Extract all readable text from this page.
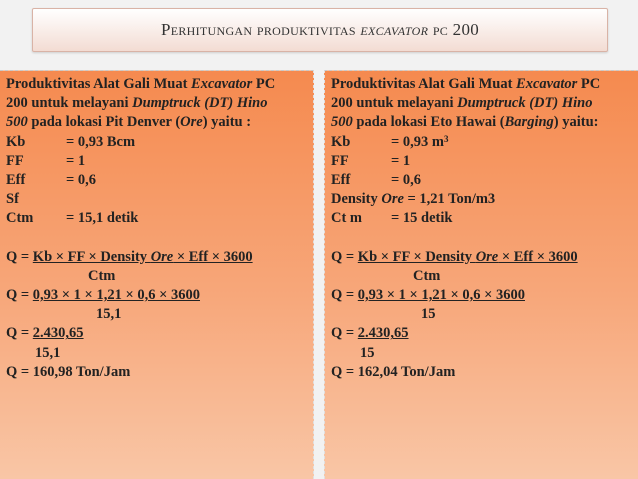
Perhitungan produktivitas excavator pc 200
Produktivitas Alat Gali Muat Excavator PC
200 untuk melayani Dumptruck (DT) Hino
500 pada lokasi Pit Denver (Ore) yaitu :
Kb	= 0,93 Bcm
FF	= 1
Eff	= 0,6
Sf
Ctm = 15,1 detik
Q = Kb × FF × Density Ore × Eff × 3600
Ctm
Q = 0,93 × 1 × 1,21 × 0,6 × 3600
15,1
Q = 2.430,65
15,1
Q = 160,98 Ton/Jam
Produktivitas Alat Gali Muat Excavator PC
200 untuk melayani Dumptruck (DT) Hino
500 pada lokasi Eto Hawai (Barging) yaitu:
Kb	= 0,93 $m^3$
FF	= 1
Eff	= 0,6
Density Ore = 1,21 Ton/m3
Ct m = 15 detik
Q = Kb × FF × Density Ore × Eff × 3600
Ctm
Q = 0,93 × 1 × 1,21 × 0,6 × 3600
15
Q = 2.430,65
15
Q = 162,04 Ton/Jam
